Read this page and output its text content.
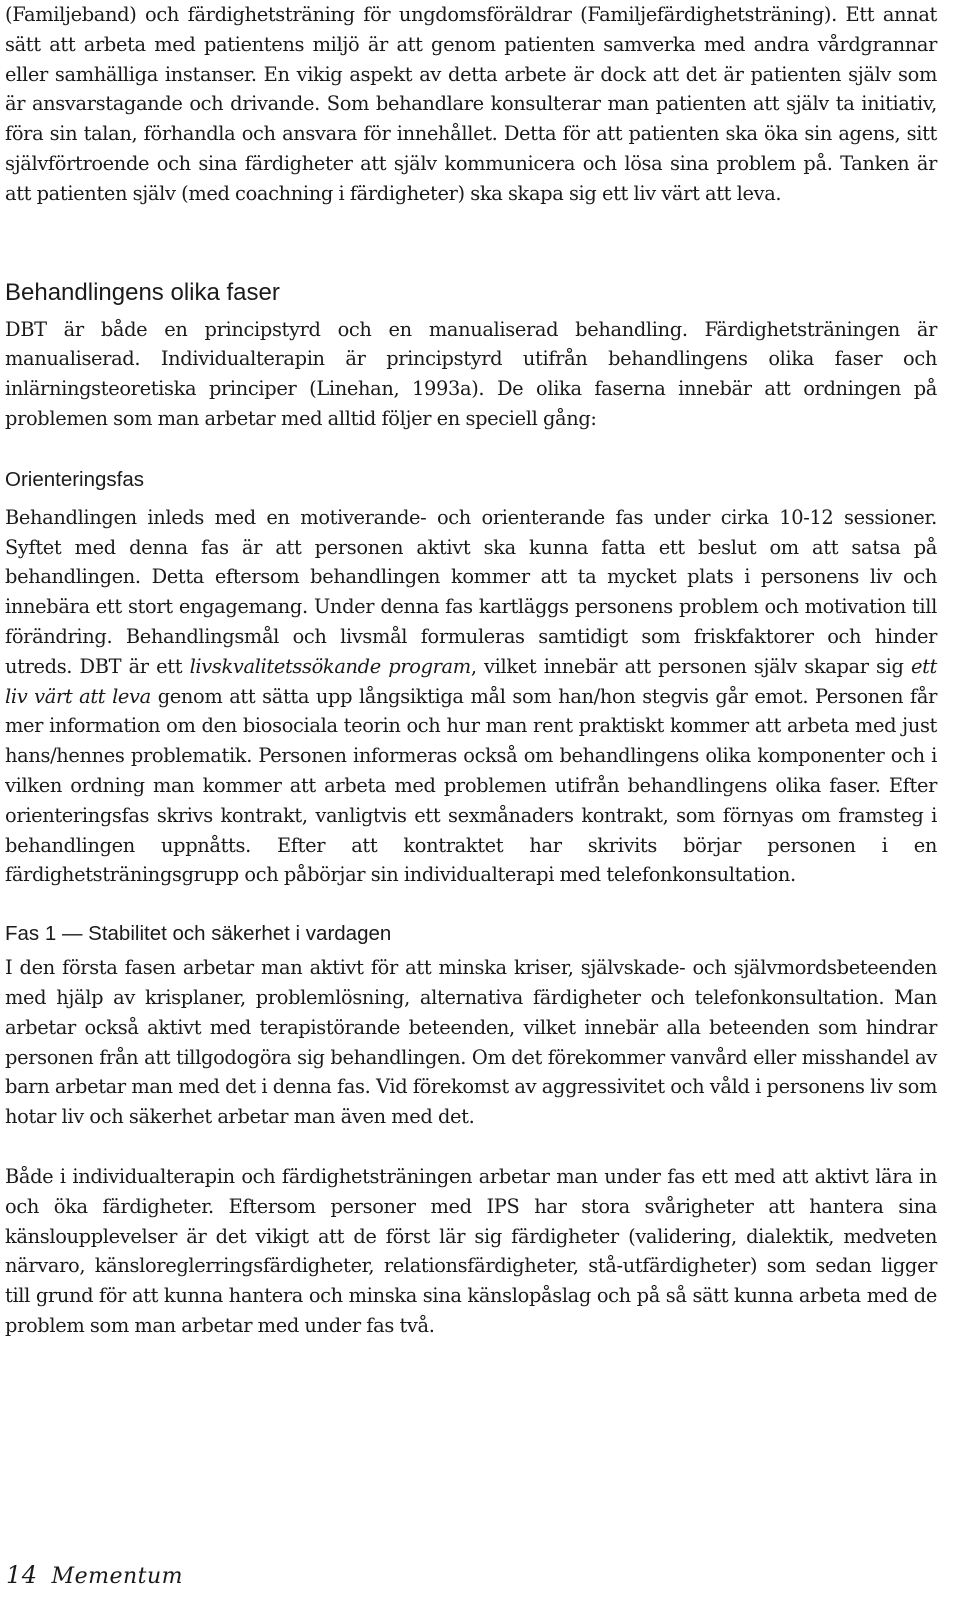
(Familjeband) och färdighetsträning för ungdomsföräldrar (Familjefärdighetsträning). Ett annat sätt att arbeta med patientens miljö är att genom patienten samverka med andra vårdgrannar eller samhälliga instanser. En vikig aspekt av detta arbete är dock att det är patienten själv som är ansvarstagande och drivande. Som behandlare konsulterar man patienten att själv ta initiativ, föra sin talan, förhandla och ansvara för innehållet. Detta för att patienten ska öka sin agens, sitt självförtroende och sina färdigheter att själv kommunicera och lösa sina problem på. Tanken är att patienten själv (med coachning i färdigheter) ska skapa sig ett liv värt att leva.

Behandlingens olika faser

DBT är både en principstyrd och en manualiserad behandling. Färdighetsträningen är manualiserad. Individualterapin är principstyrd utifrån behandlingens olika faser och inlärningsteoretiska principer (Linehan, 1993a). De olika faserna innebär att ordningen på problemen som man arbetar med alltid följer en speciell gång:

Orienteringsfas

Behandlingen inleds med en motiverande- och orienterande fas under cirka 10-12 sessioner. Syftet med denna fas är att personen aktivt ska kunna fatta ett beslut om att satsa på behandlingen. Detta eftersom behandlingen kommer att ta mycket plats i personens liv och innebära ett stort engagemang. Under denna fas kartläggs personens problem och motivation till förändring. Behandlingsmål och livsmål formuleras samtidigt som friskfaktorer och hinder utreds. DBT är ett livskvalitetssökande program, vilket innebär att personen själv skapar sig ett liv värt att leva genom att sätta upp långsiktiga mål som han/hon stegvis går emot. Personen får mer information om den biosociala teorin och hur man rent praktiskt kommer att arbeta med just hans/hennes problematik. Personen informeras också om behandlingens olika komponenter och i vilken ordning man kommer att arbeta med problemen utifrån behandlingens olika faser. Efter orienteringsfas skrivs kontrakt, vanligtvis ett sexmånaders kontrakt, som förnyas om framsteg i behandlingen uppnåtts. Efter att kontraktet har skrivits börjar personen i en färdighetsträningsgrupp och påbörjar sin individualterapi med telefonkonsultation.

Fas 1 — Stabilitet och säkerhet i vardagen

I den första fasen arbetar man aktivt för att minska kriser, självskade- och självmordsbeteenden med hjälp av krisplaner, problemlösning, alternativa färdigheter och telefonkonsultation. Man arbetar också aktivt med terapistörande beteenden, vilket innebär alla beteenden som hindrar personen från att tillgodogöra sig behandlingen. Om det förekommer vanvård eller misshandel av barn arbetar man med det i denna fas. Vid förekomst av aggressivitet och våld i personens liv som hotar liv och säkerhet arbetar man även med det.

Både i individualterapin och färdighetsträningen arbetar man under fas ett med att aktivt lära in och öka färdigheter. Eftersom personer med IPS har stora svårigheter att hantera sina känsloupplevelser är det vikigt att de först lär sig färdigheter (validering, dialektik, medveten närvaro, känsloreglerringsfärdigheter, relationsfärdigheter, stå-utfärdigheter) som sedan ligger till grund för att kunna hantera och minska sina känslopåslag och på så sätt kunna arbeta med de problem som man arbetar med under fas två.

14 Mementum
